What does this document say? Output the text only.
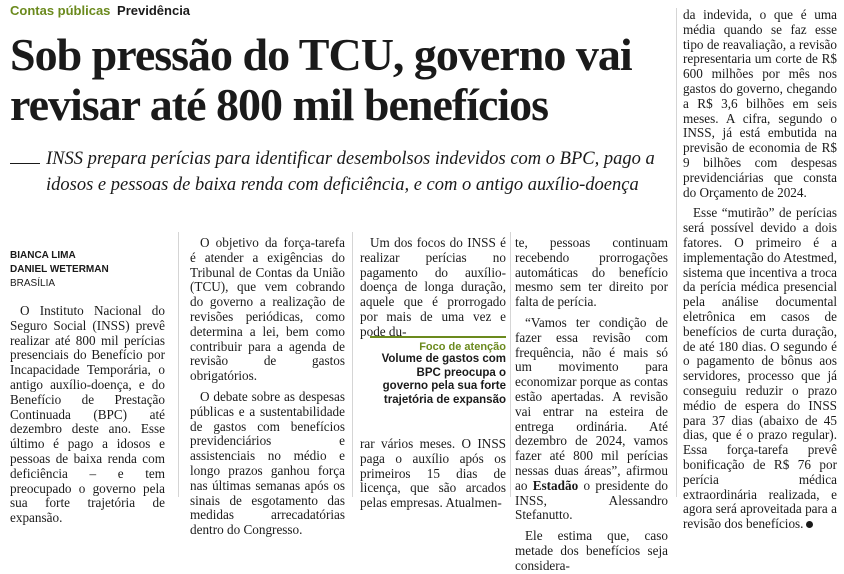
Contas públicas Previdência
Sob pressão do TCU, governo vai revisar até 800 mil benefícios
INSS prepara perícias para identificar desembolsos indevidos com o BPC, pago a idosos e pessoas de baixa renda com deficiência, e com o antigo auxílio-doença
BIANCA LIMA
DANIEL WETERMAN
BRASÍLIA

O Instituto Nacional do Seguro Social (INSS) prevê realizar até 800 mil perícias presenciais do Benefício por Incapacidade Temporária, o antigo auxílio-doença, e do Benefício de Prestação Continuada (BPC) até dezembro deste ano. Esse último é pago a idosos e pessoas de baixa renda com deficiência – e tem preocupado o governo pela sua forte trajetória de expansão.

O objetivo da força-tarefa é atender a exigências do Tribunal de Contas da União (TCU), que vem cobrando do governo a realização de revisões periódicas, como determina a lei, bem como contribuir para a agenda de revisão de gastos obrigatórios.

O debate sobre as despesas públicas e a sustentabilidade de gastos com benefícios previdenciários e assistenciais no médio e longo prazos ganhou força nas últimas semanas após os sinais de esgotamento das medidas arrecadatórias dentro do Congresso.

Um dos focos do INSS é realizar perícias no pagamento do auxílio-doença de longa duração, aquele que é prorrogado por mais de uma vez e pode du-

Foco de atenção
Volume de gastos com BPC preocupa o governo pela sua forte trajetória de expansão

rar vários meses. O INSS paga o auxílio após os primeiros 15 dias de licença, que são arcados pelas empresas. Atualmen-

te, pessoas continuam recebendo prorrogações automáticas do benefício mesmo sem ter direito por falta de perícia.

“Vamos ter condição de fazer essa revisão com frequência, não é mais só um movimento para economizar porque as contas estão apertadas. A revisão vai entrar na esteira de entrega ordinária. Até dezembro de 2024, vamos fazer até 800 mil perícias nessas duas áreas”, afirmou ao Estadão o presidente do INSS, Alessandro Stefanutto.

Ele estima que, caso metade dos benefícios seja considera-

da indevida, o que é uma média quando se faz esse tipo de reavaliação, a revisão representaria um corte de R$ 600 milhões por mês nos gastos do governo, chegando a R$ 3,6 bilhões em seis meses. A cifra, segundo o INSS, já está embutida na previsão de economia de R$ 9 bilhões com despesas previdenciárias que consta do Orçamento de 2024.

Esse “mutirão” de perícias será possível devido a dois fatores. O primeiro é a implementação do Atestmed, sistema que incentiva a troca da perícia médica presencial pela análise documental eletrônica em casos de benefícios de curta duração, de até 180 dias. O segundo é o pagamento de bônus aos servidores, processo que já conseguiu reduzir o prazo médio de espera do INSS para 37 dias (abaixo de 45 dias, que é o prazo regular). Essa força-tarefa prevê bonificação de R$ 76 por perícia médica extraordinária realizada, e agora será aproveitada para a revisão dos benefícios.
